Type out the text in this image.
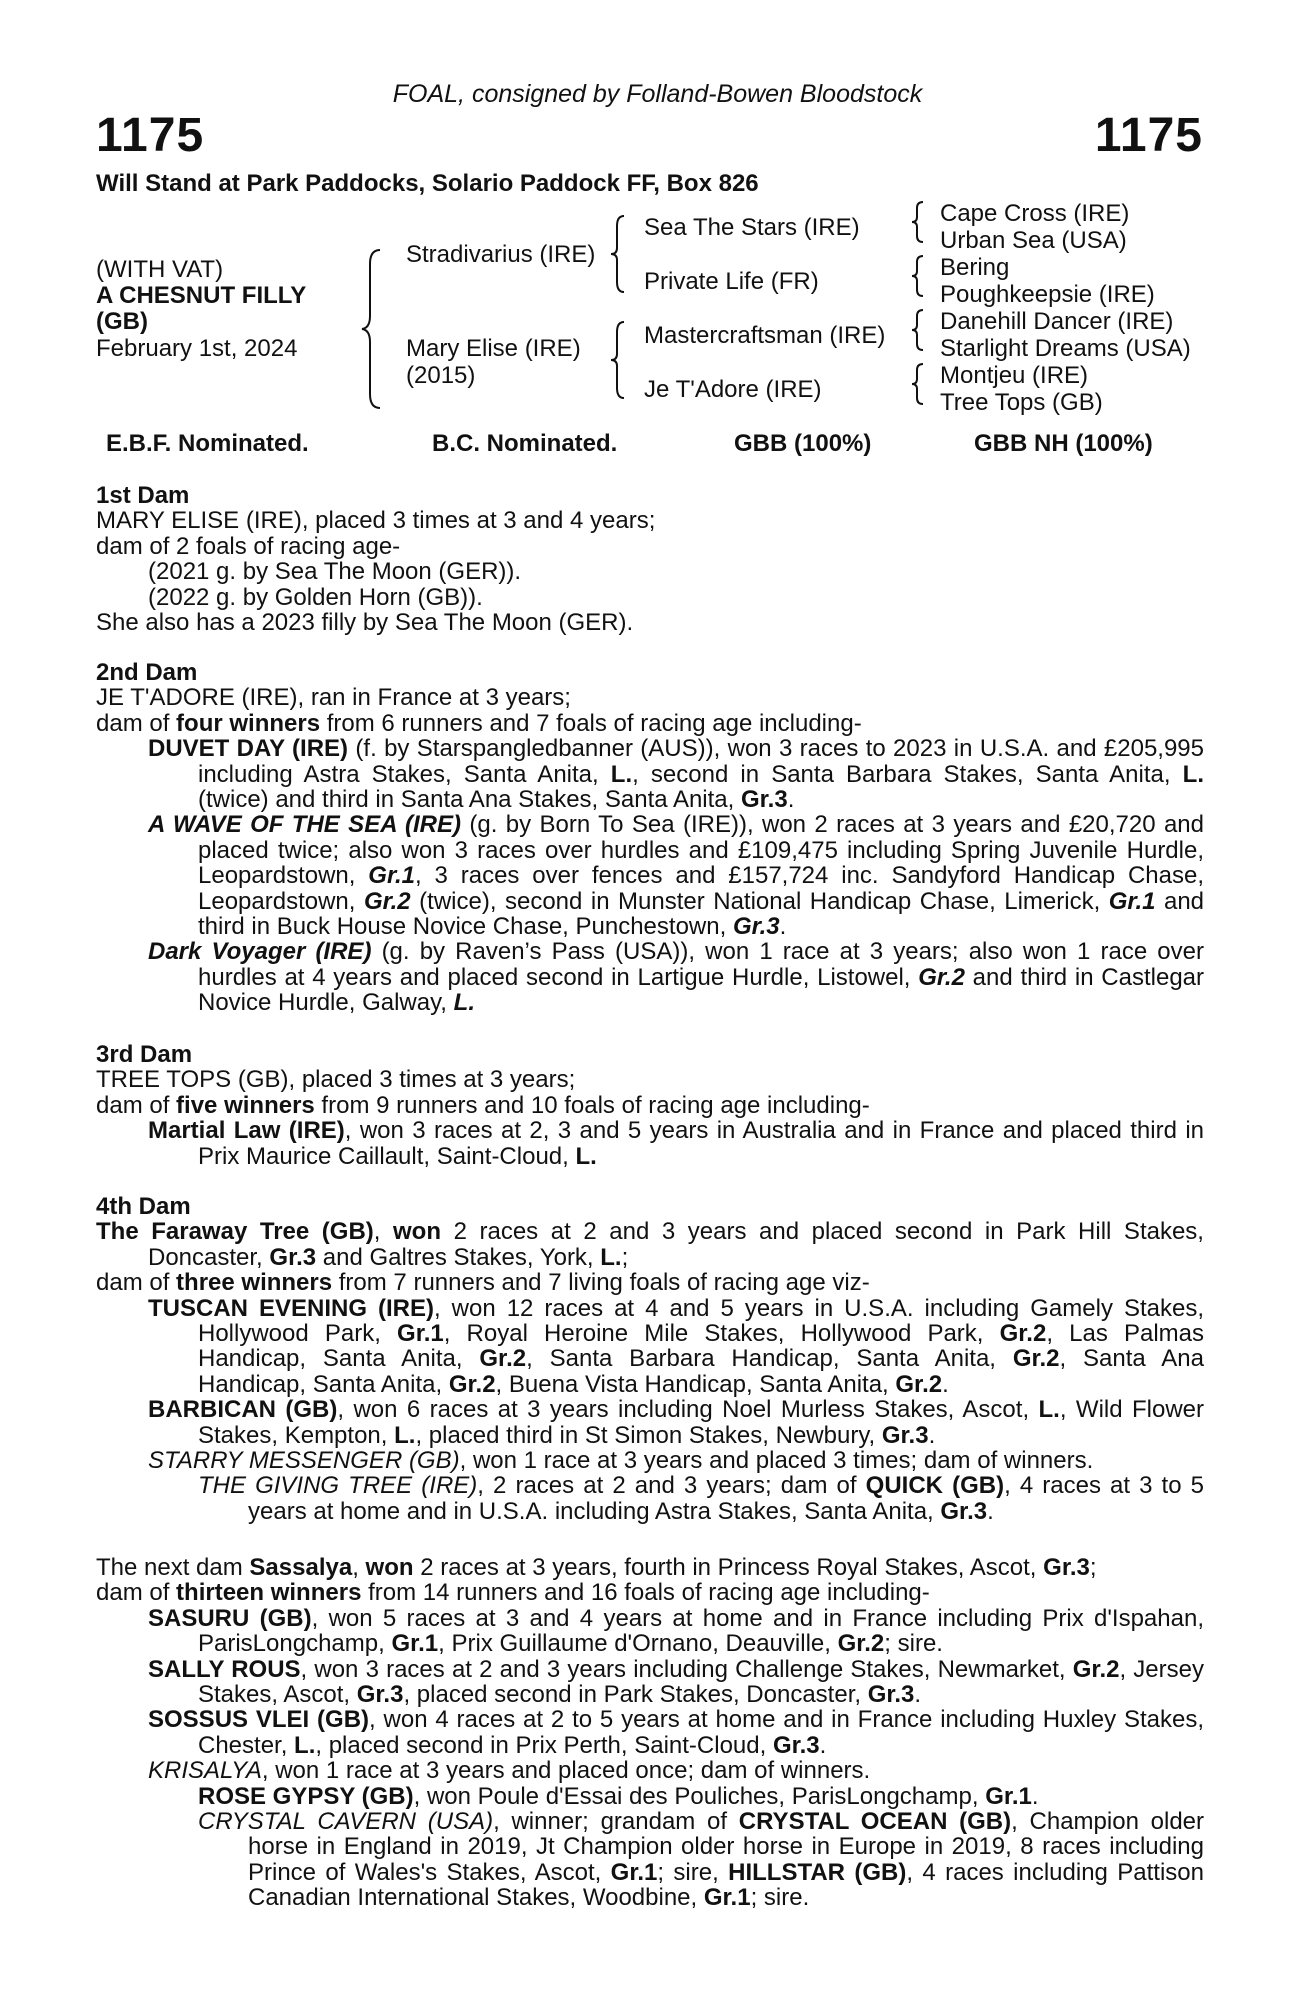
FOAL, consigned by Folland-Bowen Bloodstock
1175	1175
Will Stand at Park Paddocks, Solario Paddock FF, Box 826
(WITH VAT)
A CHESNUT FILLY
(GB)
February 1st, 2024
Stradivarius (IRE)
Mary Elise (IRE)
(2015)
Sea The Stars (IRE)
Private Life (FR)
Mastercraftsman (IRE)
Je T'Adore (IRE)
Cape Cross (IRE)
Urban Sea (USA)
Bering
Poughkeepsie (IRE)
Danehill Dancer (IRE)
Starlight Dreams (USA)
Montjeu (IRE)
Tree Tops (GB)
E.B.F. Nominated.	B.C. Nominated.	GBB (100%)	GBB NH (100%)

1st Dam

MARY ELISE (IRE), placed 3 times at 3 and 4 years;

dam of 2 foals of racing age-

(2021 g. by Sea The Moon (GER)).

(2022 g. by Golden Horn (GB)).

She also has a 2023 filly by Sea The Moon (GER).

2nd Dam

JE T'ADORE (IRE), ran in France at 3 years;

dam of four winners from 6 runners and 7 foals of racing age including-

DUVET DAY (IRE) (f. by Starspangledbanner (AUS)), won 3 races to 2023 in U.S.A. and £205,995 including Astra Stakes, Santa Anita, L., second in Santa Barbara Stakes, Santa Anita, L. (twice) and third in Santa Ana Stakes, Santa Anita, Gr.3.

A WAVE OF THE SEA (IRE) (g. by Born To Sea (IRE)), won 2 races at 3 years and £20,720 and placed twice; also won 3 races over hurdles and £109,475 including Spring Juvenile Hurdle, Leopardstown, Gr.1, 3 races over fences and £157,724 inc. Sandyford Handicap Chase, Leopardstown, Gr.2 (twice), second in Munster National Handicap Chase, Limerick, Gr.1 and third in Buck House Novice Chase, Punchestown, Gr.3.

Dark Voyager (IRE) (g. by Raven’s Pass (USA)), won 1 race at 3 years; also won 1 race over hurdles at 4 years and placed second in Lartigue Hurdle, Listowel, Gr.2 and third in Castlegar Novice Hurdle, Galway, L.

3rd Dam

TREE TOPS (GB), placed 3 times at 3 years;

dam of five winners from 9 runners and 10 foals of racing age including-

Martial Law (IRE), won 3 races at 2, 3 and 5 years in Australia and in France and placed third in Prix Maurice Caillault, Saint-Cloud, L.

4th Dam

The Faraway Tree (GB), won 2 races at 2 and 3 years and placed second in Park Hill Stakes, Doncaster, Gr.3 and Galtres Stakes, York, L.;

dam of three winners from 7 runners and 7 living foals of racing age viz-

TUSCAN EVENING (IRE), won 12 races at 4 and 5 years in U.S.A. including Gamely Stakes, Hollywood Park, Gr.1, Royal Heroine Mile Stakes, Hollywood Park, Gr.2, Las Palmas Handicap, Santa Anita, Gr.2, Santa Barbara Handicap, Santa Anita, Gr.2, Santa Ana Handicap, Santa Anita, Gr.2, Buena Vista Handicap, Santa Anita, Gr.2.

BARBICAN (GB), won 6 races at 3 years including Noel Murless Stakes, Ascot, L., Wild Flower Stakes, Kempton, L., placed third in St Simon Stakes, Newbury, Gr.3.

STARRY MESSENGER (GB), won 1 race at 3 years and placed 3 times; dam of winners.

THE GIVING TREE (IRE), 2 races at 2 and 3 years; dam of QUICK (GB), 4 races at 3 to 5 years at home and in U.S.A. including Astra Stakes, Santa Anita, Gr.3.

The next dam Sassalya, won 2 races at 3 years, fourth in Princess Royal Stakes, Ascot, Gr.3;

dam of thirteen winners from 14 runners and 16 foals of racing age including-

SASURU (GB), won 5 races at 3 and 4 years at home and in France including Prix d'Ispahan, ParisLongchamp, Gr.1, Prix Guillaume d'Ornano, Deauville, Gr.2; sire.

SALLY ROUS, won 3 races at 2 and 3 years including Challenge Stakes, Newmarket, Gr.2, Jersey Stakes, Ascot, Gr.3, placed second in Park Stakes, Doncaster, Gr.3.

SOSSUS VLEI (GB), won 4 races at 2 to 5 years at home and in France including Huxley Stakes, Chester, L., placed second in Prix Perth, Saint-Cloud, Gr.3.

KRISALYA, won 1 race at 3 years and placed once; dam of winners.

ROSE GYPSY (GB), won Poule d'Essai des Pouliches, ParisLongchamp, Gr.1.

CRYSTAL CAVERN (USA), winner; grandam of CRYSTAL OCEAN (GB), Champion older horse in England in 2019, Jt Champion older horse in Europe in 2019, 8 races including Prince of Wales's Stakes, Ascot, Gr.1; sire, HILLSTAR (GB), 4 races including Pattison Canadian International Stakes, Woodbine, Gr.1; sire.
